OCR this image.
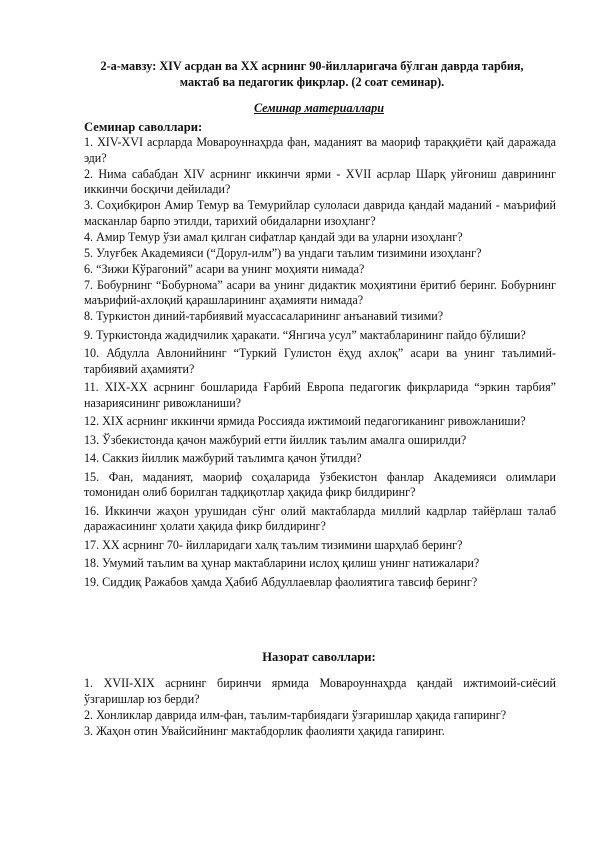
2-а-мавзу: XIV асрдан ва XX асрнинг 90-йилларигача бўлган даврда тарбия, мактаб ва педагогик фикрлар. (2 соат семинар).
Семинар материаллари
Семинар саволлари:
1. XIV-XVI асрларда Мовароуннаҳрда фан, маданият ва маориф тараққиёти қай даражада эди?
2. Нима сабабдан XIV асрнинг иккинчи ярми - XVII асрлар Шарқ уйғониш даврининг иккинчи босқичи дейилади?
3. Соҳибқирон Амир Темур ва Темурийлар сулоласи даврида қандай маданий - маърифий масканлар барпо этилди, тарихий обидаларни изоҳланг?
4. Амир Темур ўзи амал қилган сифатлар қандай эди ва уларни изоҳланг?
5. Улуғбек Академияси (“Дорул-илм”) ва ундаги таълим тизимини изоҳланг?
6. “Зижи Кўрагоний” асари ва унинг моҳияти нимада?
7. Бобурнинг “Бобурнома” асари ва унинг дидактик моҳиятини ёритиб беринг. Бобурнинг маърифий-ахлоқий қарашларининг аҳамияти нимада?
8. Туркистон диний-тарбиявий муассасаларининг анъанавий тизими?
9. Туркистонда жадидчилик ҳаракати. “Янгича усул” мактабларининг пайдо бўлиши?
10. Абдулла Авлонийнинг “Туркий Гулистон ёҳуд ахлоқ” асари ва унинг таълимий-тарбиявий аҳамияти?
11. XIX-XX асрнинг бошларида Ғарбий Европа педагогик фикрларида “эркин тарбия” назариясининг ривожланиши?
12. XIX асрнинг иккинчи ярмида Россияда ижтимоий педагогиканинг ривожланиши?
13. Ўзбекистонда қачон мажбурий етти йиллик таълим амалга оширилди?
14. Саккиз йиллик мажбурий таълимга қачон ўтилди?
15. Фан, маданият, маориф соҳаларида ўзбекистон фанлар Академияси олимлари томонидан олиб борилган тадқиқотлар ҳақида фикр билдиринг?
16. Иккинчи жаҳон урушидан сўнг олий мактабларда миллий кадрлар тайёрлаш талаб даражасининг ҳолати ҳақида фикр билдиринг?
17. XX асрнинг 70- йилларидаги халқ таълим тизимини шарҳлаб беринг?
18. Умумий таълим ва ҳунар мактабларини ислоҳ қилиш унинг натижалари?
19. Сиддиқ Ражабов ҳамда Ҳабиб Абдуллаевлар фаолиятига тавсиф беринг?
Назорат саволлари:
1. XVII-XIX асрнинг биринчи ярмида Мовароуннаҳрда қандай ижтимоий-сиёсий ўзгаришлар юз берди?
2. Хонликлар даврида илм-фан, таълим-тарбиядаги ўзгаришлар ҳақида гапиринг?
3. Жаҳон отин Увайсийнинг мактабдорлик фаолияти ҳақида гапиринг.
